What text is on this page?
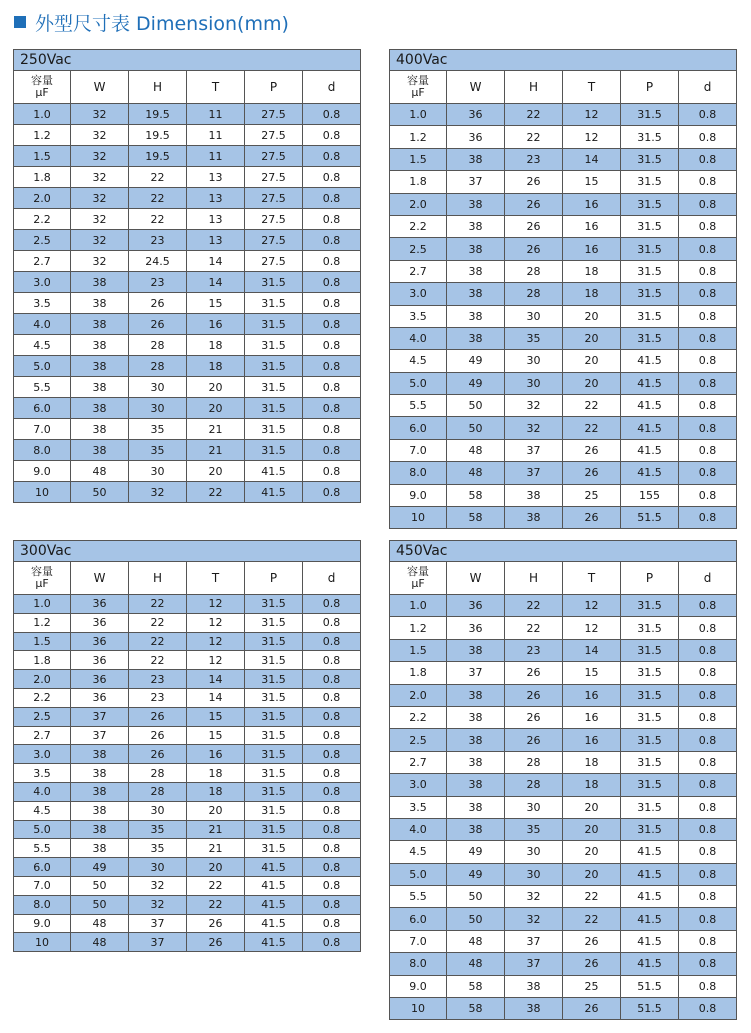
外型尺寸表 Dimension(mm)
250Vac					

容量
μF	W	H	T	P	d
1.0	32	19.5	11	27.5	0.8
1.2	32	19.5	11	27.5	0.8
1.5	32	19.5	11	27.5	0.8
1.8	32	22	13	27.5	0.8
2.0	32	22	13	27.5	0.8
2.2	32	22	13	27.5	0.8
2.5	32	23	13	27.5	0.8
2.7	32	24.5	14	27.5	0.8
3.0	38	23	14	31.5	0.8
3.5	38	26	15	31.5	0.8
4.0	38	26	16	31.5	0.8
4.5	38	28	18	31.5	0.8
5.0	38	28	18	31.5	0.8
5.5	38	30	20	31.5	0.8
6.0	38	30	20	31.5	0.8
7.0	38	35	21	31.5	0.8
8.0	38	35	21	31.5	0.8
9.0	48	30	20	41.5	0.8
10	50	32	22	41.5	0.8
400Vac					

容量
μF	W	H	T	P	d
1.0	36	22	12	31.5	0.8
1.2	36	22	12	31.5	0.8
1.5	38	23	14	31.5	0.8
1.8	37	26	15	31.5	0.8
2.0	38	26	16	31.5	0.8
2.2	38	26	16	31.5	0.8
2.5	38	26	16	31.5	0.8
2.7	38	28	18	31.5	0.8
3.0	38	28	18	31.5	0.8
3.5	38	30	20	31.5	0.8
4.0	38	35	20	31.5	0.8
4.5	49	30	20	41.5	0.8
5.0	49	30	20	41.5	0.8
5.5	50	32	22	41.5	0.8
6.0	50	32	22	41.5	0.8
7.0	48	37	26	41.5	0.8
8.0	48	37	26	41.5	0.8
9.0	58	38	25	155	0.8
10	58	38	26	51.5	0.8
300Vac					

容量
μF	W	H	T	P	d
1.0	36	22	12	31.5	0.8
1.2	36	22	12	31.5	0.8
1.5	36	22	12	31.5	0.8
1.8	36	22	12	31.5	0.8
2.0	36	23	14	31.5	0.8
2.2	36	23	14	31.5	0.8
2.5	37	26	15	31.5	0.8
2.7	37	26	15	31.5	0.8
3.0	38	26	16	31.5	0.8
3.5	38	28	18	31.5	0.8
4.0	38	28	18	31.5	0.8
4.5	38	30	20	31.5	0.8
5.0	38	35	21	31.5	0.8
5.5	38	35	21	31.5	0.8
6.0	49	30	20	41.5	0.8
7.0	50	32	22	41.5	0.8
8.0	50	32	22	41.5	0.8
9.0	48	37	26	41.5	0.8
10	48	37	26	41.5	0.8
450Vac					

容量
μF	W	H	T	P	d
1.0	36	22	12	31.5	0.8
1.2	36	22	12	31.5	0.8
1.5	38	23	14	31.5	0.8
1.8	37	26	15	31.5	0.8
2.0	38	26	16	31.5	0.8
2.2	38	26	16	31.5	0.8
2.5	38	26	16	31.5	0.8
2.7	38	28	18	31.5	0.8
3.0	38	28	18	31.5	0.8
3.5	38	30	20	31.5	0.8
4.0	38	35	20	31.5	0.8
4.5	49	30	20	41.5	0.8
5.0	49	30	20	41.5	0.8
5.5	50	32	22	41.5	0.8
6.0	50	32	22	41.5	0.8
7.0	48	37	26	41.5	0.8
8.0	48	37	26	41.5	0.8
9.0	58	38	25	51.5	0.8
10	58	38	26	51.5	0.8
